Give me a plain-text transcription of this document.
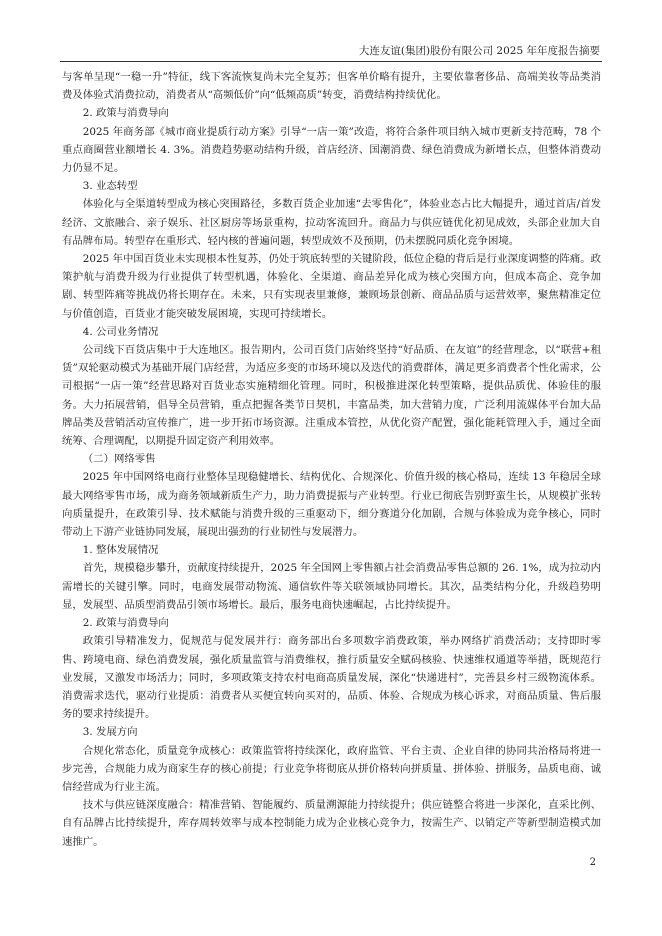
大连友谊(集团)股份有限公司 2025 年年度报告摘要

与客单呈现“一稳一升”特征，线下客流恢复尚未完全复苏；但客单价略有提升，主要依靠奢侈品、高端美妆等品类消费及体验式消费拉动，消费者从“高频低价”向“低频高质”转变，消费结构持续优化。

2. 政策与消费导向

2025 年商务部《城市商业提质行动方案》引导“一店一策”改造，将符合条件项目纳入城市更新支持范畴，78 个重点商圈营业额增长 4. 3%。消费趋势驱动结构升级，首店经济、国潮消费、绿色消费成为新增长点，但整体消费动力仍显不足。

3. 业态转型

体验化与全渠道转型成为核心突围路径，多数百货企业加速“去零售化”，体验业态占比大幅提升，通过首店/首发经济、文旅融合、亲子娱乐、社区厨房等场景重构，拉动客流回升。商品力与供应链优化初见成效，头部企业加大自有品牌布局。转型存在重形式、轻内核的普遍问题，转型成效不及预期，仍未摆脱同质化竞争困境。

2025 年中国百货业未实现根本性复苏，仍处于筑底转型的关键阶段，低位企稳的背后是行业深度调整的阵痛。政策护航与消费升级为行业提供了转型机遇，体验化、全渠道、商品差异化成为核心突围方向，但成本高企、竞争加剧、转型阵痛等挑战仍将长期存在。未来，只有实现表里兼修，兼顾场景创新、商品品质与运营效率，聚焦精准定位与价值创造，百货业才能突破发展困境，实现可持续增长。

4. 公司业务情况

公司线下百货店集中于大连地区。报告期内，公司百货门店始终坚持“好品质、在友谊”的经营理念，以“联营+租赁”双轮驱动模式为基础开展门店经营，为适应多变的市场环境以及迭代的消费群体，满足更多消费者个性化需求，公司根据“一店一策”经营思路对百货业态实施精细化管理。同时，积极推进深化转型策略，提供品质优、体验佳的服务。大力拓展营销，倡导全员营销，重点把握各类节日契机，丰富品类，加大营销力度，广泛利用流媒体平台加大品牌品类及营销活动宣传推广，进一步开拓市场资源。注重成本管控，从优化资产配置，强化能耗管理入手，通过全面统筹、合理调配，以期提升固定资产利用效率。

（二）网络零售

2025 年中国网络电商行业整体呈现稳健增长、结构优化、合规深化、价值升级的核心格局，连续 13 年稳居全球最大网络零售市场，成为商务领域新质生产力，助力消费提振与产业转型。行业已彻底告别野蛮生长，从规模扩张转向质量提升，在政策引导、技术赋能与消费升级的三重驱动下，细分赛道分化加剧，合规与体验成为竞争核心，同时带动上下游产业链协同发展，展现出强劲的行业韧性与发展潜力。

1. 整体发展情况

首先，规模稳步攀升，贡献度持续提升，2025 年全国网上零售额占社会消费品零售总额的 26. 1%，成为拉动内需增长的关键引擎。同时，电商发展带动物流、通信软件等关联领域协同增长。其次，品类结构分化，升级趋势明显，发展型、品质型消费品引领市场增长。最后，服务电商快速崛起，占比持续提升。

2. 政策与消费导向

政策引导精准发力，促规范与促发展并行：商务部出台多项数字消费政策，举办网络扩消费活动；支持即时零售、跨境电商、绿色消费发展，强化质量监管与消费维权，推行质量安全赋码核验、快速维权通道等举措，既规范行业发展，又激发市场活力；同时，多项政策支持农村电商高质量发展，深化“快递进村”，完善县乡村三级物流体系。消费需求迭代，驱动行业提质：消费者从买便宜转向买对的，品质、体验、合规成为核心诉求，对商品质量、售后服务的要求持续提升。

3. 发展方向

合规化常态化，质量竞争成核心：政策监管将持续深化，政府监管、平台主责、企业自律的协同共治格局将进一步完善，合规能力成为商家生存的核心前提；行业竞争将彻底从拼价格转向拼质量、拼体验、拼服务，品质电商、诚信经营成为行业主流。

技术与供应链深度融合：精准营销、智能履约、质量溯源能力持续提升；供应链整合将进一步深化，直采比例、自有品牌占比持续提升，库存周转效率与成本控制能力成为企业核心竞争力，按需生产、以销定产等新型制造模式加速推广。

2
